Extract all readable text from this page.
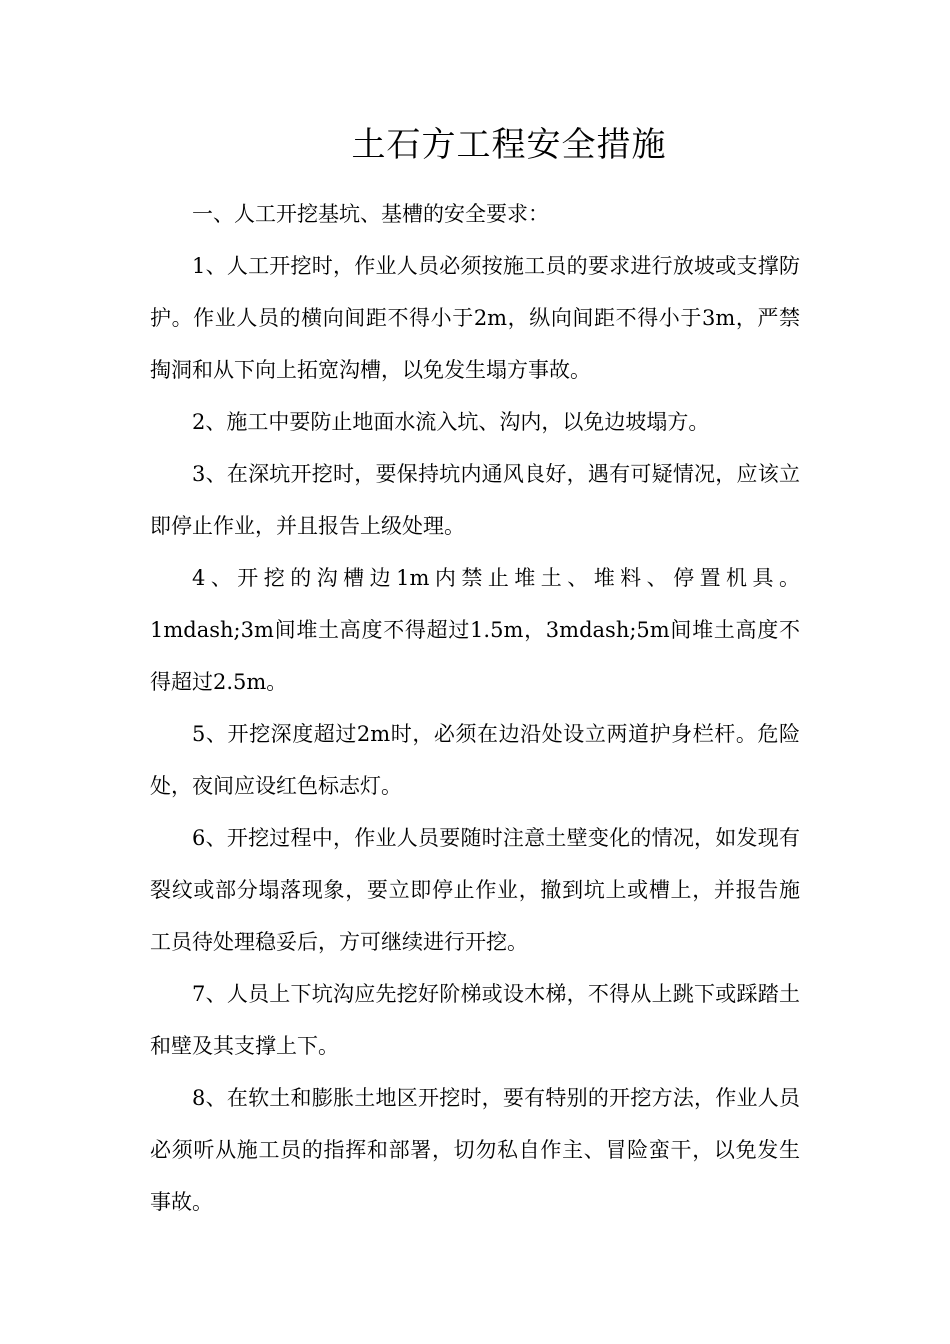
土石方工程安全措施

一、人工开挖基坑、基槽的安全要求：

1、人工开挖时，作业人员必须按施工员的要求进行放坡或支撑防护。作业人员的横向间距不得小于2m，纵向间距不得小于3m，严禁掏洞和从下向上拓宽沟槽，以免发生塌方事故。

2、施工中要防止地面水流入坑、沟内，以免边坡塌方。

3、在深坑开挖时，要保持坑内通风良好，遇有可疑情况，应该立即停止作业，并且报告上级处理。

4、开挖的沟槽边1m内禁止堆土、堆料、停置机具。1mdash;3m间堆土高度不得超过1.5m，3mdash;5m间堆土高度不得超过2.5m。

5、开挖深度超过2m时，必须在边沿处设立两道护身栏杆。危险处，夜间应设红色标志灯。

6、开挖过程中，作业人员要随时注意土壁变化的情况，如发现有裂纹或部分塌落现象，要立即停止作业，撤到坑上或槽上，并报告施工员待处理稳妥后，方可继续进行开挖。

7、人员上下坑沟应先挖好阶梯或设木梯，不得从上跳下或踩踏土和壁及其支撑上下。

8、在软土和膨胀土地区开挖时，要有特别的开挖方法，作业人员必须听从施工员的指挥和部署，切勿私自作主、冒险蛮干，以免发生事故。
